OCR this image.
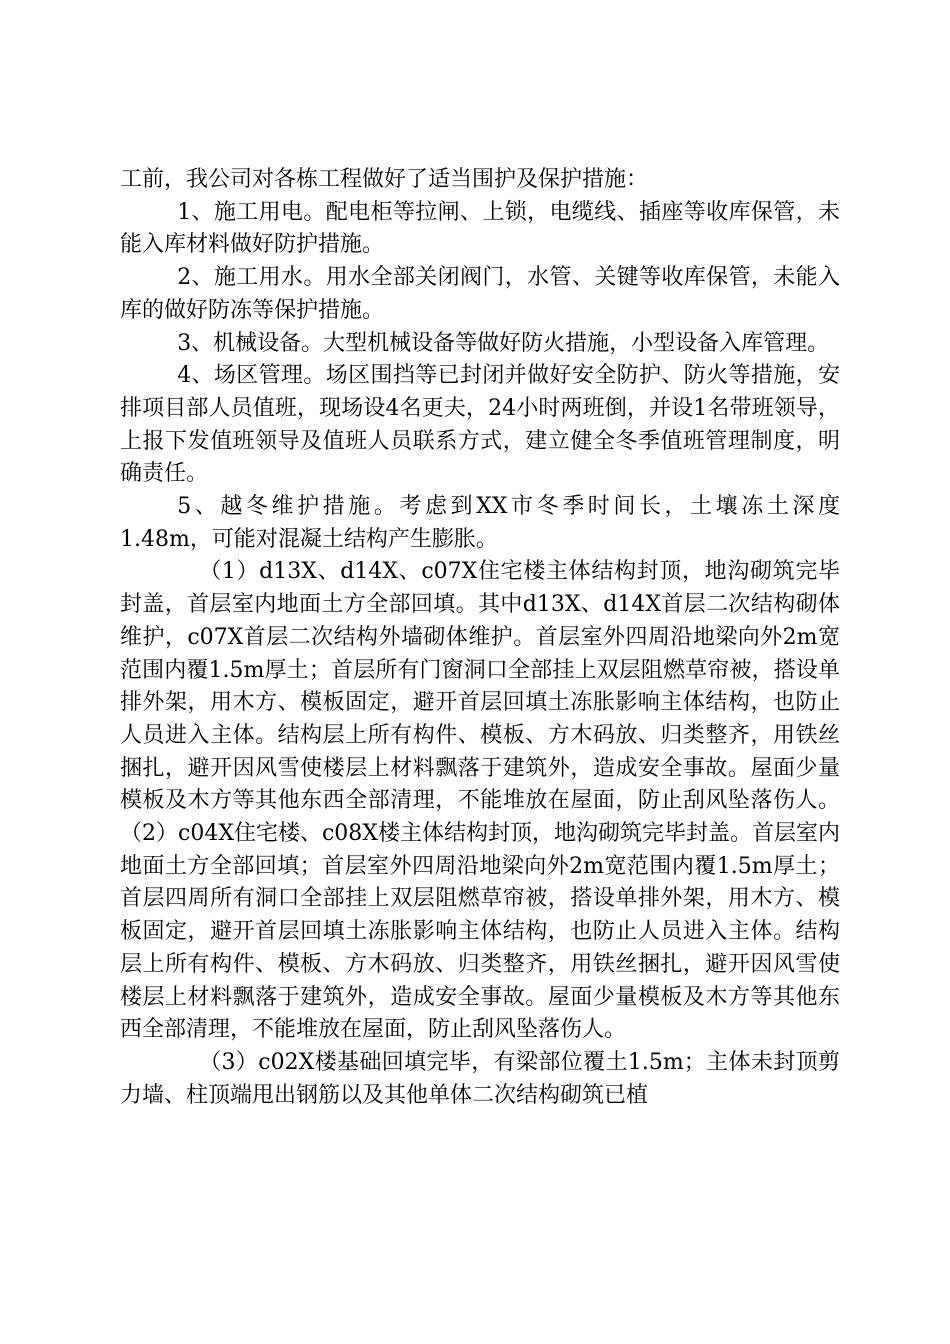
工前，我公司对各栋工程做好了适当围护及保护措施：

1、施工用电。配电柜等拉闸、上锁，电缆线、插座等收库保管，未能入库材料做好防护措施。

2、施工用水。用水全部关闭阀门，水管、关键等收库保管，未能入库的做好防冻等保护措施。

3、机械设备。大型机械设备等做好防火措施，小型设备入库管理。

4、场区管理。场区围挡等已封闭并做好安全防护、防火等措施，安排项目部人员值班，现场设4名更夫，24小时两班倒，并设1名带班领导，上报下发值班领导及值班人员联系方式，建立健全冬季值班管理制度，明确责任。

5、越冬维护措施。考虑到XX市冬季时间长，土壤冻土深度1.48m，可能对混凝土结构产生膨胀。

（1）d13X、d14X、c07X住宅楼主体结构封顶，地沟砌筑完毕封盖，首层室内地面土方全部回填。其中d13X、d14X首层二次结构砌体维护，c07X首层二次结构外墙砌体维护。首层室外四周沿地梁向外2m宽范围内覆1.5m厚土；首层所有门窗洞口全部挂上双层阻燃草帘被，搭设单排外架，用木方、模板固定，避开首层回填土冻胀影响主体结构，也防止人员进入主体。结构层上所有构件、模板、方木码放、归类整齐，用铁丝捆扎，避开因风雪使楼层上材料飘落于建筑外，造成安全事故。屋面少量模板及木方等其他东西全部清理，不能堆放在屋面，防止刮风坠落伤人。（2）c04X住宅楼、c08X楼主体结构封顶，地沟砌筑完毕封盖。首层室内地面土方全部回填；首层室外四周沿地梁向外2m宽范围内覆1.5m厚土；首层四周所有洞口全部挂上双层阻燃草帘被，搭设单排外架，用木方、模板固定，避开首层回填土冻胀影响主体结构，也防止人员进入主体。结构层上所有构件、模板、方木码放、归类整齐，用铁丝捆扎，避开因风雪使楼层上材料飘落于建筑外，造成安全事故。屋面少量模板及木方等其他东西全部清理，不能堆放在屋面，防止刮风坠落伤人。

（3）c02X楼基础回填完毕，有梁部位覆土1.5m；主体未封顶剪力墙、柱顶端甩出钢筋以及其他单体二次结构砌筑已植
